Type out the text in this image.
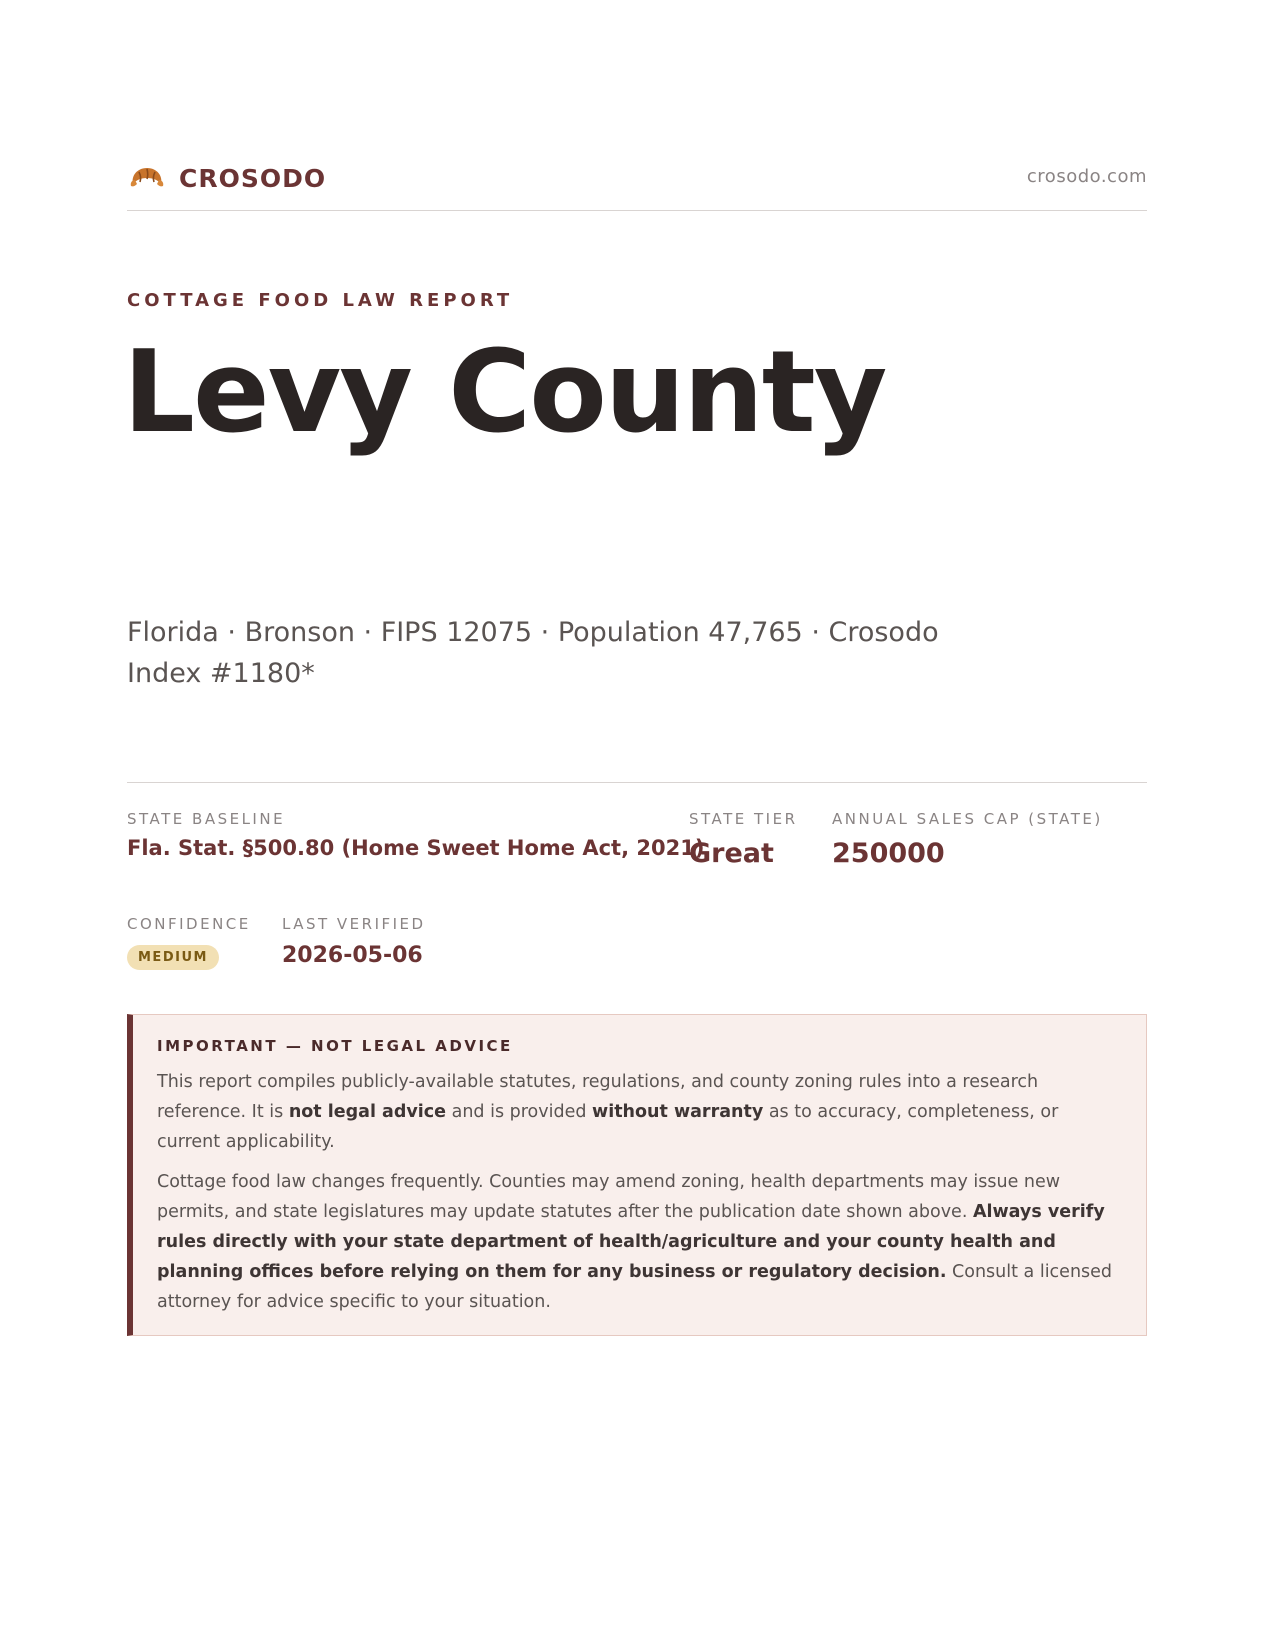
CROSODO	crosodo.com
COTTAGE FOOD LAW REPORT
Levy County
Florida · Bronson · FIPS 12075 · Population 47,765 · Crosodo Index #1180*
STATE BASELINE
Fla. Stat. §500.80 (Home Sweet Home Act, 2021)
STATE TIER
Great
ANNUAL SALES CAP (STATE)
250000
CONFIDENCE
MEDIUM
LAST VERIFIED
2026-05-06
IMPORTANT — NOT LEGAL ADVICE

This report compiles publicly-available statutes, regulations, and county zoning rules into a research reference. It is not legal advice and is provided without warranty as to accuracy, completeness, or current applicability.

Cottage food law changes frequently. Counties may amend zoning, health departments may issue new permits, and state legislatures may update statutes after the publication date shown above. Always verify rules directly with your state department of health/agriculture and your county health and planning offices before relying on them for any business or regulatory decision. Consult a licensed attorney for advice specific to your situation.
